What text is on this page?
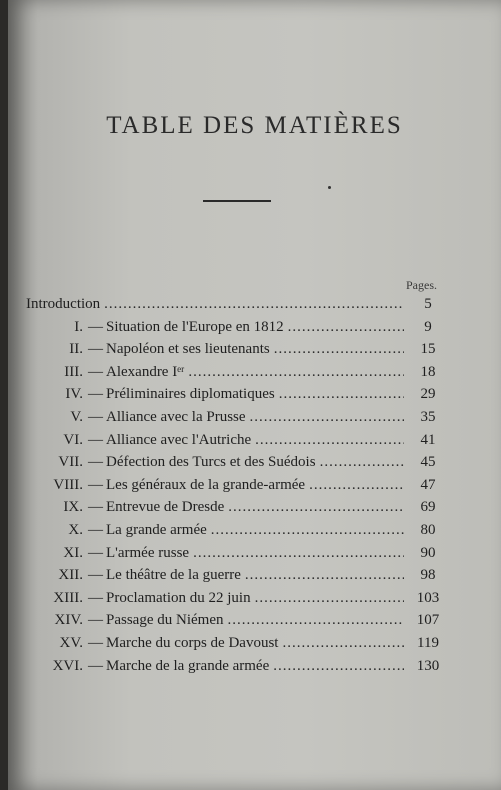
TABLE DES MATIÈRES
Pages.
Introduction .....	5
I. — Situation de l'Europe en 1812 .....	9
II. — Napoléon et ses lieutenants .....	15
III. — Alexandre Iᵉʳ .....	18
IV. — Préliminaires diplomatiques .....	29
V. — Alliance avec la Prusse .....	35
VI. — Alliance avec l'Autriche .....	41
VII. — Défection des Turcs et des Suédois .....	45
VIII. — Les généraux de la grande-armée .....	47
IX. — Entrevue de Dresde .....	69
X. — La grande armée .....	80
XI. — L'armée russe .....	90
XII. — Le théâtre de la guerre .....	98
XIII. — Proclamation du 22 juin .....	103
XIV. — Passage du Niémen .....	107
XV. — Marche du corps de Davoust .....	119
XVI. — Marche de la grande armée .....	130
